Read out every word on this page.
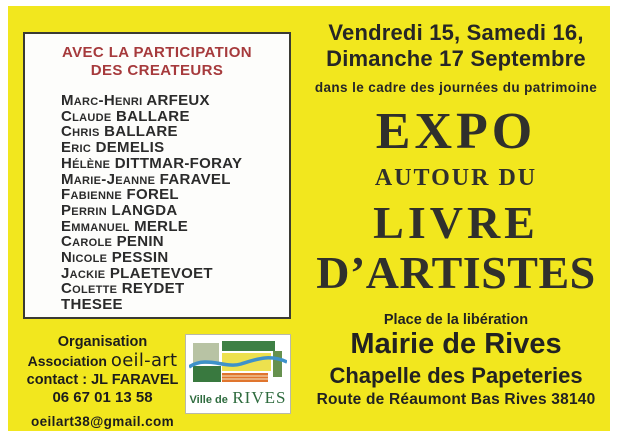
AVEC LA PARTICIPATION
DES CREATEURS
Marc-Henri ARFEUX
Claude BALLARE
Chris BALLARE
Eric DEMELIS
Hélène DITTMAR-FORAY
Marie-Jeanne FARAVEL
Fabienne FOREL
Perrin LANGDA
Emmanuel MERLE
Carole PENIN
Nicole PESSIN
Jackie PLAETEVOET
Colette REYDET
THESEE
Organisation
Association oeil-art
contact : JL FARAVEL
06 67 01 13 58
oeilart38@gmail.com
Ville de RIVES
Vendredi 15, Samedi 16,
Dimanche 17 Septembre
dans le cadre des journées du patrimoine
EXPO
AUTOUR DU
LIVRE
D’ARTISTES
Place de la libération
Mairie de Rives
Chapelle des Papeteries
Route de Réaumont Bas Rives 38140
